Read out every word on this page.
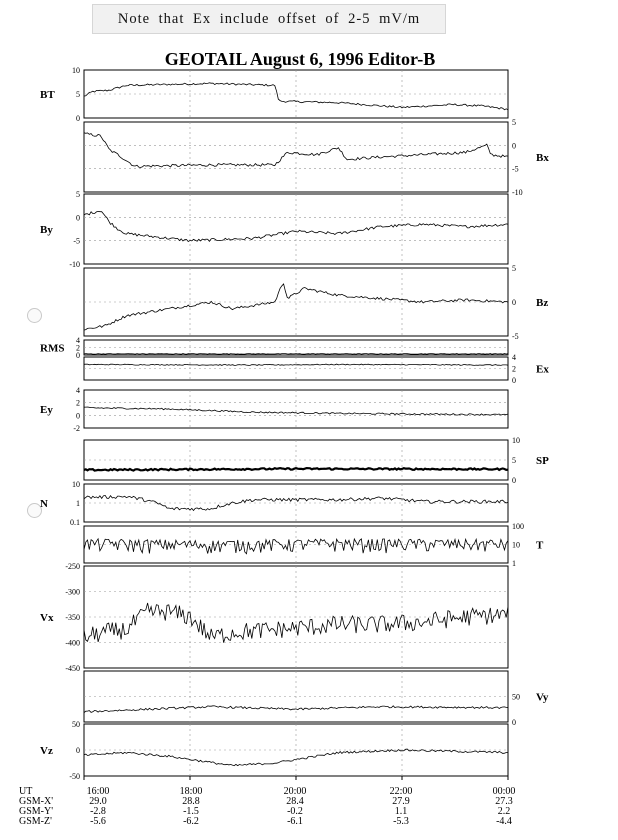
Note that Ex include offset of 2-5 mV/m
GEOTAIL August 6, 1996 Editor-B
10
5
0
BT
5
0
-5
-10
Bx
5
0
-5
-10
By
5
0
-5
Bz
4
2
0
RMS
4
2
0
Ex
4
2
0
-2
Ey
10
5
0
SP
10
1
0.1
N
100
10
1
T
-250
-300
-350
-400
-450
Vx
50
0
Vy
50
0
-50
Vz
UT
GSM-X'
GSM-Y'
GSM-Z'
16:00
29.0
-2.8
-5.6
18:00
28.8
-1.5
-6.2
20:00
28.4
-0.2
-6.1
22:00
27.9
1.1
-5.3
00:00
27.3
2.2
-4.4
